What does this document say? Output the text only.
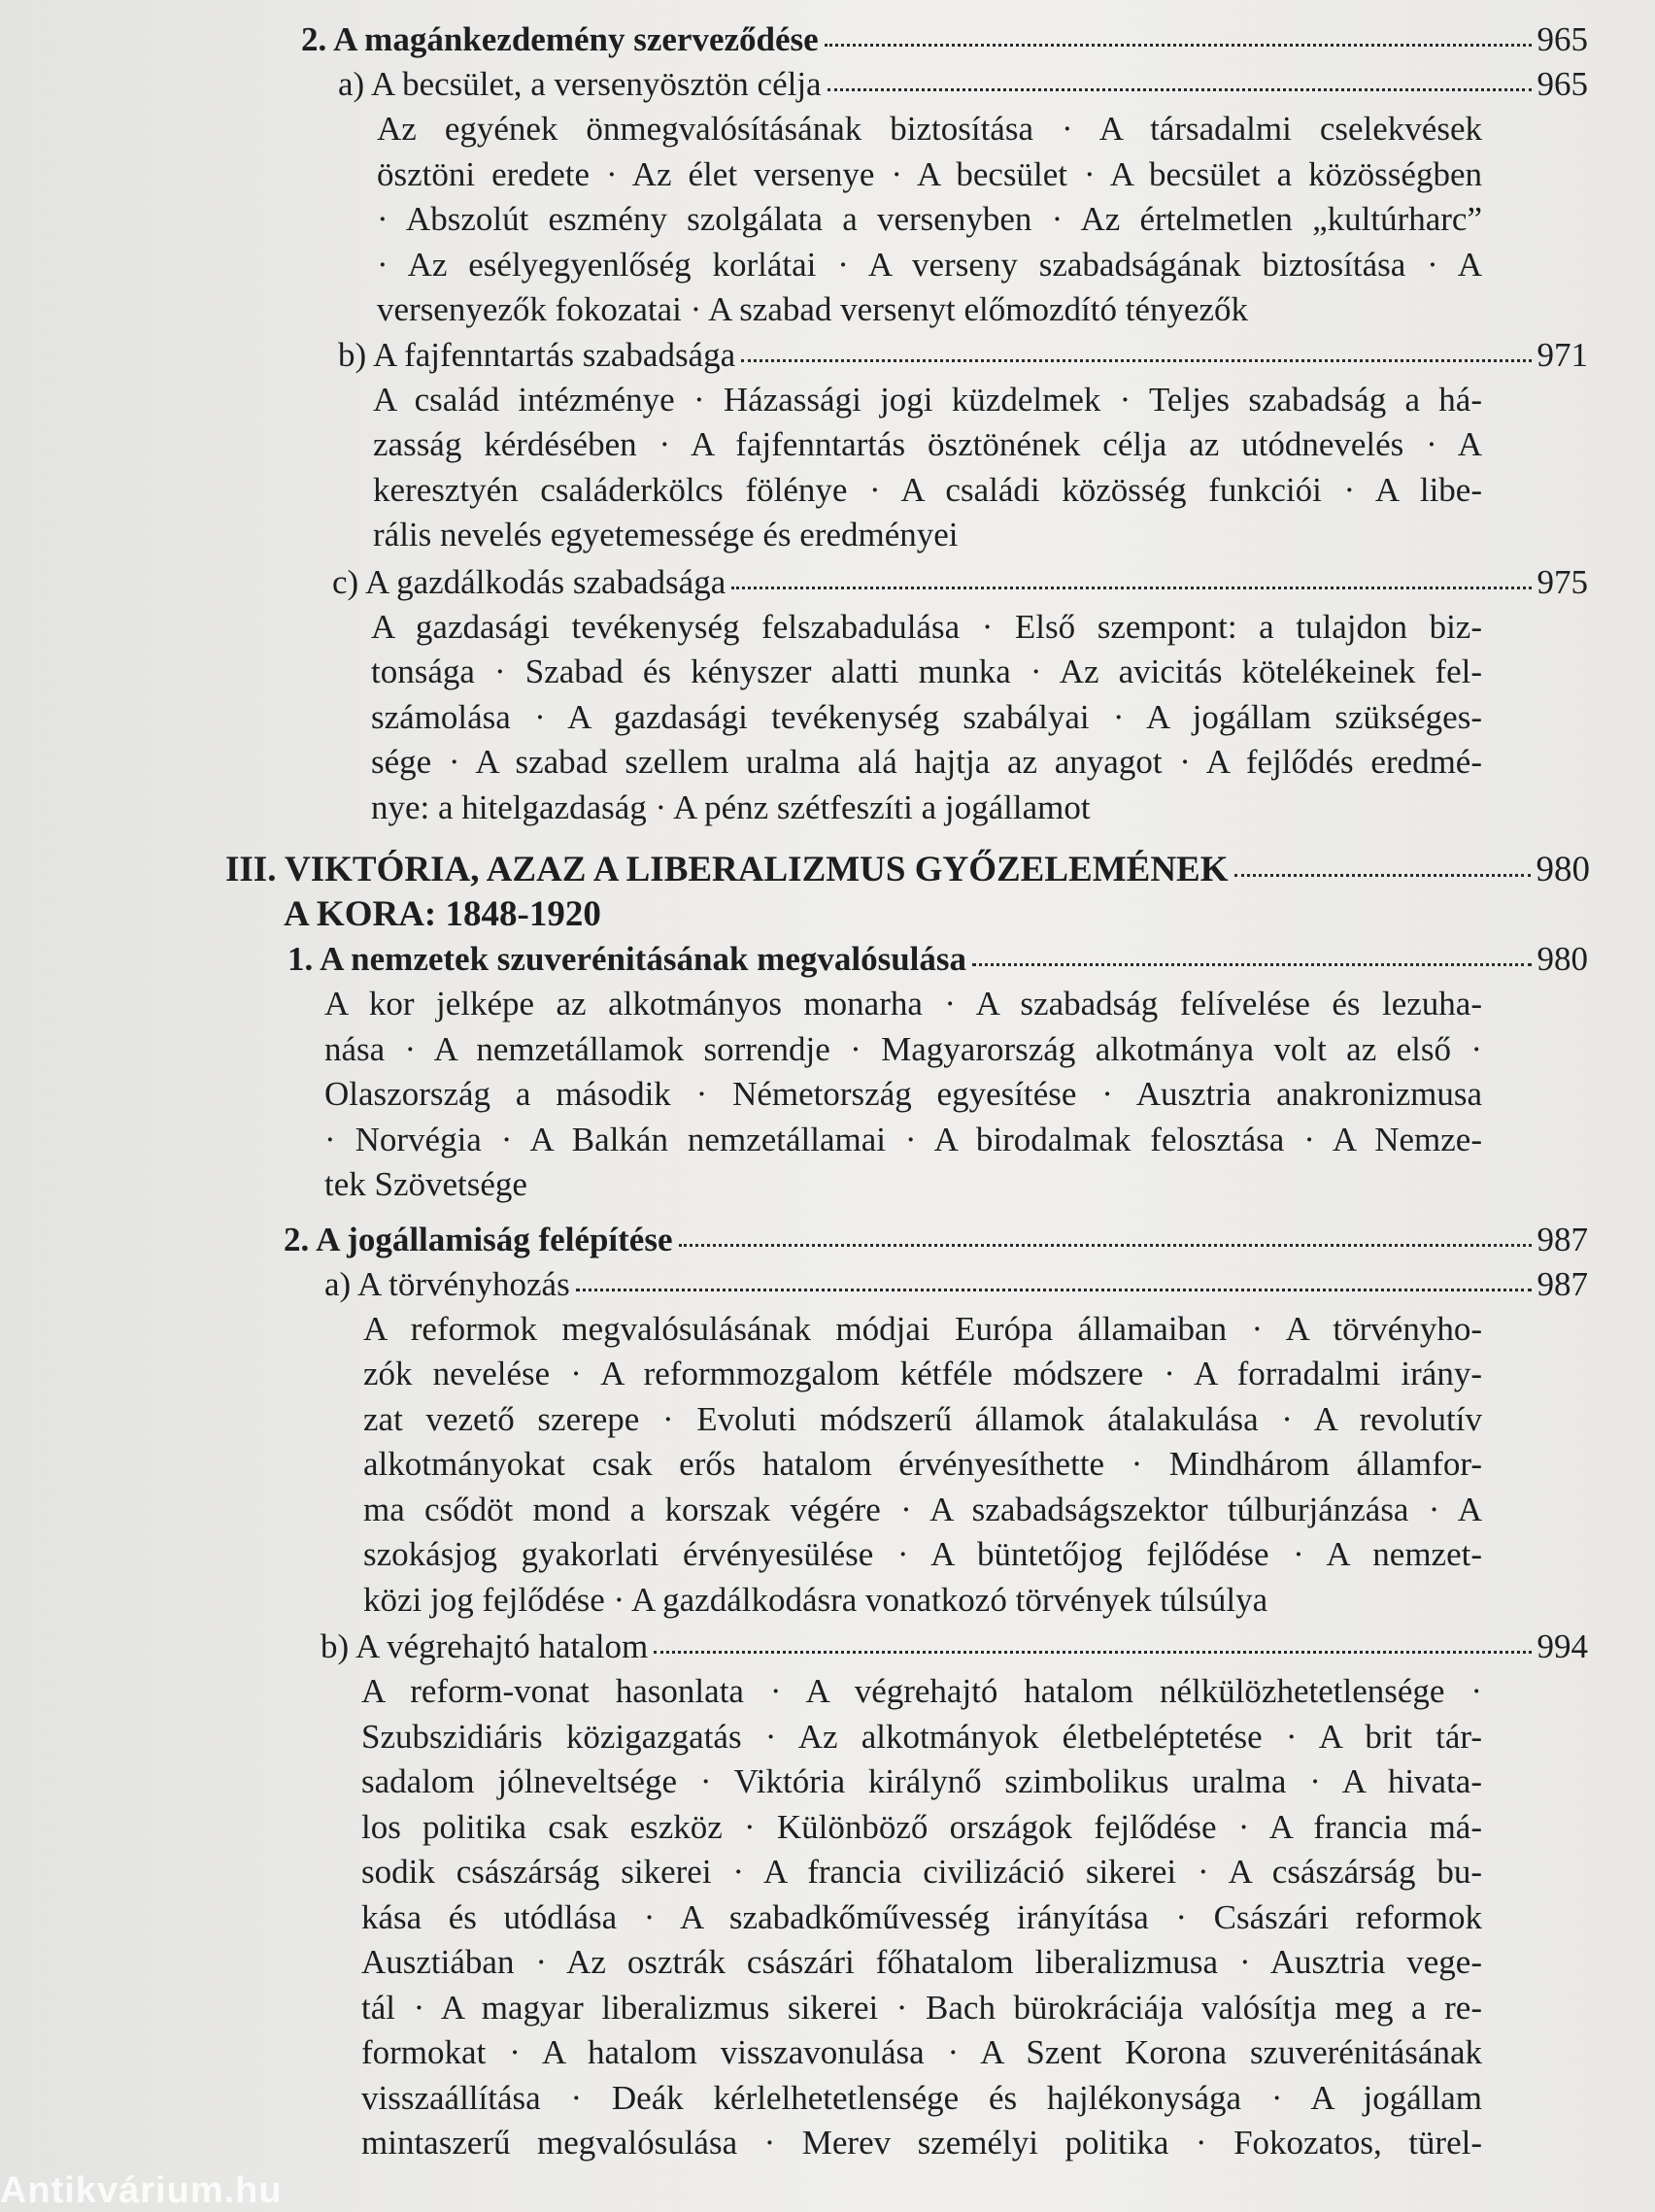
2. A magánkezdemény szerveződése	965
a) A becsület, a versenyösztön célja	965
Az egyének önmegvalósításának biztosítása · A társadalmi cselekvések
ösztöni eredete · Az élet versenye · A becsület · A becsület a közösségben
· Abszolút eszmény szolgálata a versenyben · Az értelmetlen „kultúrharc”
· Az esélyegyenlőség korlátai · A verseny szabadságának biztosítása · A
versenyezők fokozatai · A szabad versenyt előmozdító tényezők
b) A fajfenntartás szabadsága	971
A család intézménye · Házassági jogi küzdelmek · Teljes szabadság a há-
zasság kérdésében · A fajfenntartás ösztönének célja az utódnevelés · A
keresztyén családerkölcs fölénye · A családi közösség funkciói · A libe-
rális nevelés egyetemessége és eredményei
c) A gazdálkodás szabadsága	975
A gazdasági tevékenység felszabadulása · Első szempont: a tulajdon biz-
tonsága · Szabad és kényszer alatti munka · Az avicitás kötelékeinek fel-
számolása · A gazdasági tevékenység szabályai · A jogállam szükséges-
sége · A szabad szellem uralma alá hajtja az anyagot · A fejlődés eredmé-
nye: a hitelgazdaság · A pénz szétfeszíti a jogállamot
III. VIKTÓRIA, AZAZ A LIBERALIZMUS GYŐZELEMÉNEK	980
A KORA: 1848-1920
1. A nemzetek szuverénitásának megvalósulása	980
A kor jelképe az alkotmányos monarha · A szabadság felívelése és lezuha-
nása · A nemzetállamok sorrendje · Magyarország alkotmánya volt az első ·
Olaszország a második · Németország egyesítése · Ausztria anakronizmusa
· Norvégia · A Balkán nemzetállamai · A birodalmak felosztása · A Nemze-
tek Szövetsége
2. A jogállamiság felépítése	987
a) A törvényhozás	987
A reformok megvalósulásának módjai Európa államaiban · A törvényho-
zók nevelése · A reformmozgalom kétféle módszere · A forradalmi irány-
zat vezető szerepe · Evoluti módszerű államok átalakulása · A revolutív
alkotmányokat csak erős hatalom érvényesíthette · Mindhárom államfor-
ma csődöt mond a korszak végére · A szabadságszektor túlburjánzása · A
szokásjog gyakorlati érvényesülése · A büntetőjog fejlődése · A nemzet-
közi jog fejlődése · A gazdálkodásra vonatkozó törvények túlsúlya
b) A végrehajtó hatalom	994
A reform-vonat hasonlata · A végrehajtó hatalom nélkülözhetetlensége ·
Szubszidiáris közigazgatás · Az alkotmányok életbeléptetése · A brit tár-
sadalom jólneveltsége · Viktória királynő szimbolikus uralma · A hivata-
los politika csak eszköz · Különböző országok fejlődése · A francia má-
sodik császárság sikerei · A francia civilizáció sikerei · A császárság bu-
kása és utódlása · A szabadkőművesség irányítása · Császári reformok
Ausztiában · Az osztrák császári főhatalom liberalizmusa · Ausztria vege-
tál · A magyar liberalizmus sikerei · Bach bürokráciája valósítja meg a re-
formokat · A hatalom visszavonulása · A Szent Korona szuverénitásának
visszaállítása · Deák kérlelhetetlensége és hajlékonysága · A jogállam
mintaszerű megvalósulása · Merev személyi politika · Fokozatos, türel-
Antikvárium.hu
